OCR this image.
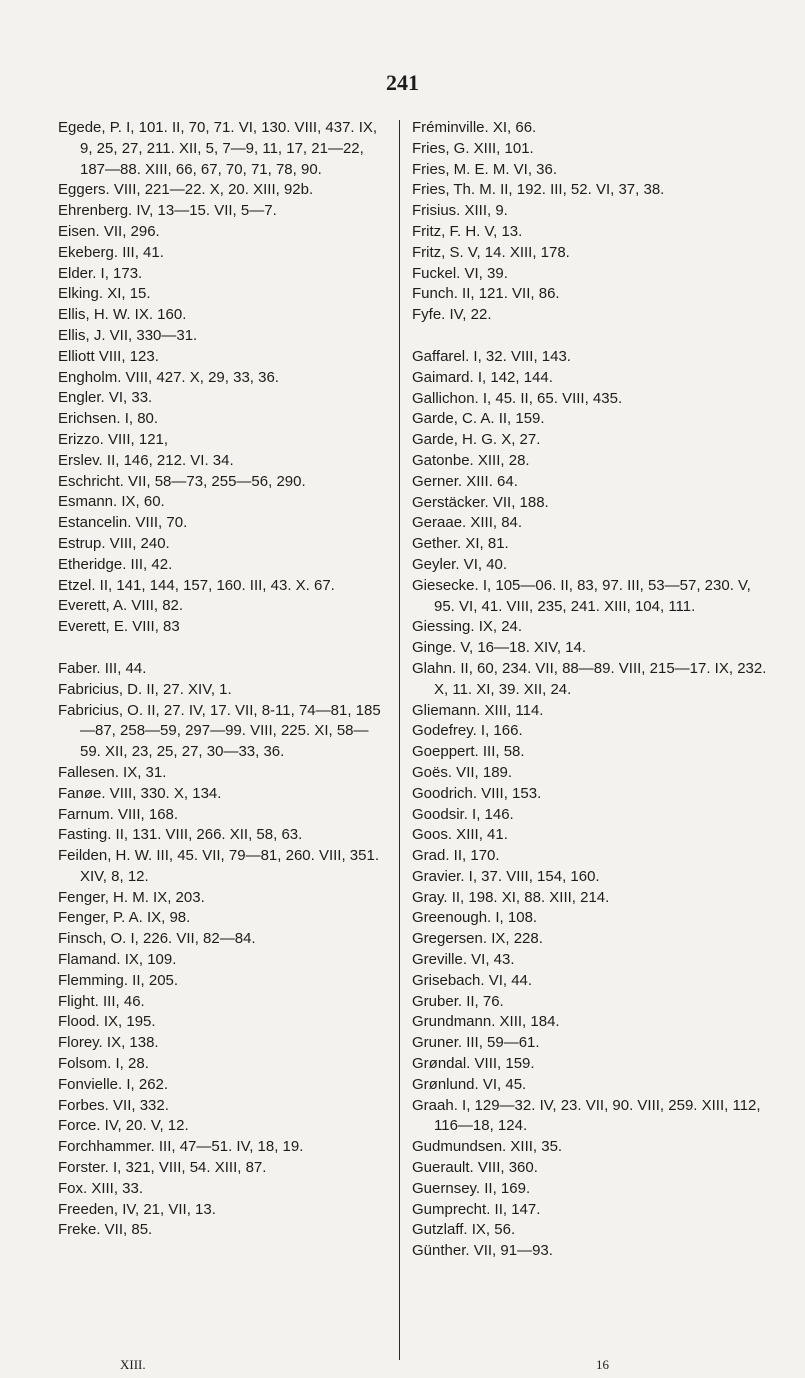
241
Egede, P. I, 101. II, 70, 71. VI, 130. VIII, 437. IX, 9, 25, 27, 211. XII, 5, 7—9, 11, 17, 21—22, 187—88. XIII, 66, 67, 70, 71, 78, 90.
Eggers. VIII, 221—22. X, 20. XIII, 92b.
Ehrenberg. IV, 13—15. VII, 5—7.
Eisen. VII, 296.
Ekeberg. III, 41.
Elder. I, 173.
Elking. XI, 15.
Ellis, H. W. IX. 160.
Ellis, J. VII, 330—31.
Elliott VIII, 123.
Engholm. VIII, 427. X, 29, 33, 36.
Engler. VI, 33.
Erichsen. I, 80.
Erizzo. VIII, 121,
Erslev. II, 146, 212. VI. 34.
Eschricht. VII, 58—73, 255—56, 290.
Esmann. IX, 60.
Estancelin. VIII, 70.
Estrup. VIII, 240.
Etheridge. III, 42.
Etzel. II, 141, 144, 157, 160. III, 43. X. 67.
Everett, A. VIII, 82.
Everett, E. VIII, 83
Faber. III, 44.
Fabricius, D. II, 27. XIV, 1.
Fabricius, O. II, 27. IV, 17. VII, 8-11, 74—81, 185—87, 258—59, 297—99. VIII, 225. XI, 58—59. XII, 23, 25, 27, 30—33, 36.
Fallesen. IX, 31.
Fanøe. VIII, 330. X, 134.
Farnum. VIII, 168.
Fasting. II, 131. VIII, 266. XII, 58, 63.
Feilden, H. W. III, 45. VII, 79—81, 260. VIII, 351. XIV, 8, 12.
Fenger, H. M. IX, 203.
Fenger, P. A. IX, 98.
Finsch, O. I, 226. VII, 82—84.
Flamand. IX, 109.
Flemming. II, 205.
Flight. III, 46.
Flood. IX, 195.
Florey. IX, 138.
Folsom. I, 28.
Fonvielle. I, 262.
Forbes. VII, 332.
Force. IV, 20. V, 12.
Forchhammer. III, 47—51. IV, 18, 19.
Forster. I, 321, VIII, 54. XIII, 87.
Fox. XIII, 33.
Freeden, IV, 21, VII, 13.
Freke. VII, 85.
Fréminville. XI, 66.
Fries, G. XIII, 101.
Fries, M. E. M. VI, 36.
Fries, Th. M. II, 192. III, 52. VI, 37, 38.
Frisius. XIII, 9.
Fritz, F. H. V, 13.
Fritz, S. V, 14. XIII, 178.
Fuckel. VI, 39.
Funch. II, 121. VII, 86.
Fyfe. IV, 22.
Gaffarel. I, 32. VIII, 143.
Gaimard. I, 142, 144.
Gallichon. I, 45. II, 65. VIII, 435.
Garde, C. A. II, 159.
Garde, H. G. X, 27.
Gatonbe. XIII, 28.
Gerner. XIII. 64.
Gerstäcker. VII, 188.
Geraae. XIII, 84.
Gether. XI, 81.
Geyler. VI, 40.
Giesecke. I, 105—06. II, 83, 97. III, 53—57, 230. V, 95. VI, 41. VIII, 235, 241. XIII, 104, 111.
Giessing. IX, 24.
Ginge. V, 16—18. XIV, 14.
Glahn. II, 60, 234. VII, 88—89. VIII, 215—17. IX, 232. X, 11. XI, 39. XII, 24.
Gliemann. XIII, 114.
Godefrey. I, 166.
Goeppert. III, 58.
Goës. VII, 189.
Goodrich. VIII, 153.
Goodsir. I, 146.
Goos. XIII, 41.
Grad. II, 170.
Gravier. I, 37. VIII, 154, 160.
Gray. II, 198. XI, 88. XIII, 214.
Greenough. I, 108.
Gregersen. IX, 228.
Greville. VI, 43.
Grisebach. VI, 44.
Gruber. II, 76.
Grundmann. XIII, 184.
Gruner. III, 59—61.
Grøndal. VIII, 159.
Grønlund. VI, 45.
Graah. I, 129—32. IV, 23. VII, 90. VIII, 259. XIII, 112, 116—18, 124.
Gudmundsen. XIII, 35.
Guerault. VIII, 360.
Guernsey. II, 169.
Gumprecht. II, 147.
Gutzlaff. IX, 56.
Günther. VII, 91—93.
XIII.	16
